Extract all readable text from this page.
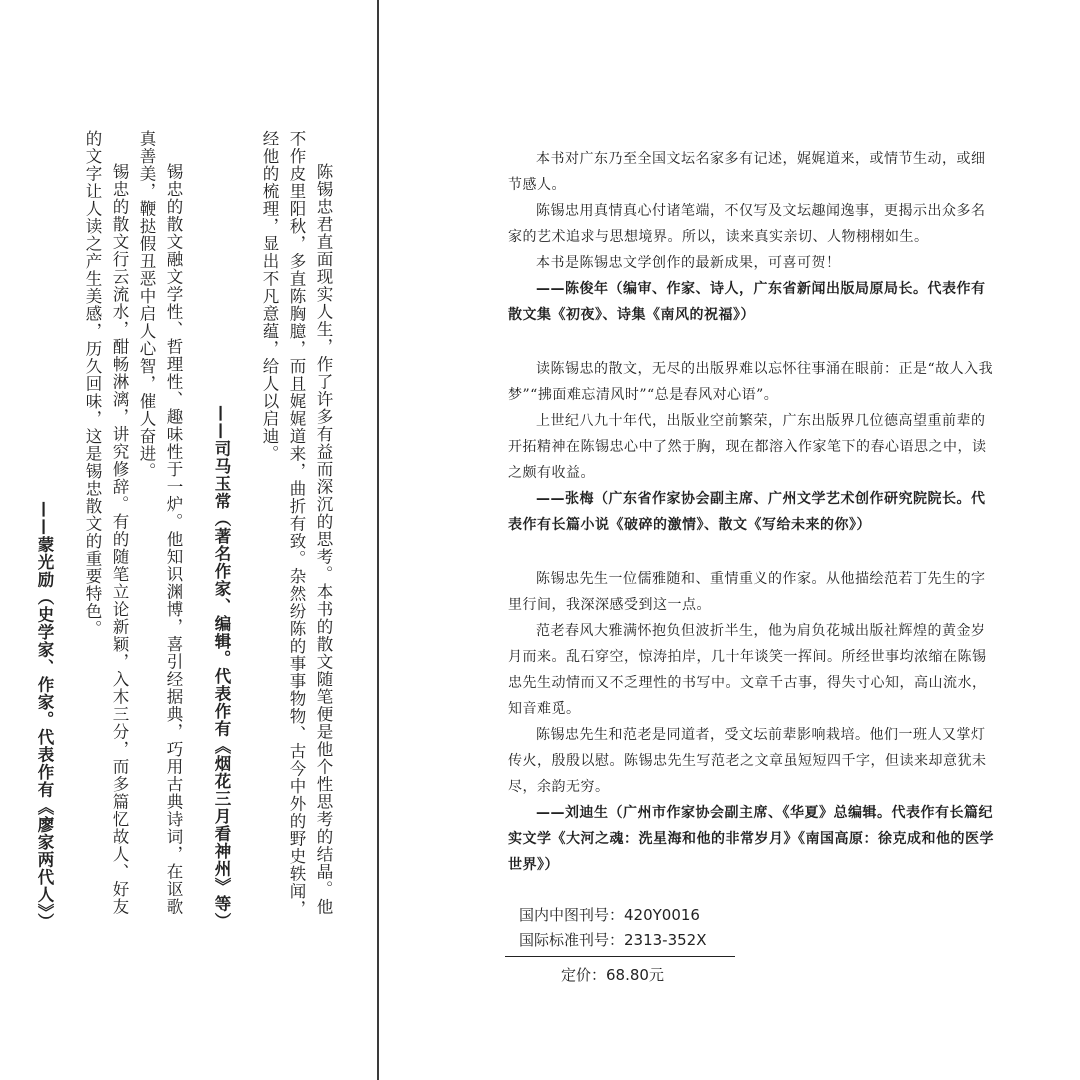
陈锡忠君直面现实人生，作了许多有益而深沉的思考。本书的散文随笔便是他个性思考的结晶。他不作皮里阳秋，多直陈胸臆，而且娓娓道来，曲折有致。杂然纷陈的事事物物、古今中外的野史轶闻，经他的梳理，显出不凡意蕴，给人以启迪。

——司马玉常（著名作家、编辑。代表作有《烟花三月看神州》等）

锡忠的散文融文学性、哲理性、趣味性于一炉。他知识渊博，喜引经据典，巧用古典诗词，在讴歌真善美，鞭挞假丑恶中启人心智，催人奋进。

锡忠的散文行云流水，酣畅淋漓，讲究修辞。有的随笔立论新颖，入木三分，而多篇忆故人、好友的文字让人读之产生美感，历久回味，这是锡忠散文的重要特色。

——蒙光励（史学家、作家。代表作有《廖家两代人》）

本书对广东乃至全国文坛名家多有记述，娓娓道来，或情节生动，或细节感人。

陈锡忠用真情真心付诸笔端，不仅写及文坛趣闻逸事，更揭示出众多名家的艺术追求与思想境界。所以，读来真实亲切、人物栩栩如生。

本书是陈锡忠文学创作的最新成果，可喜可贺！

——陈俊年（编审、作家、诗人，广东省新闻出版局原局长。代表作有散文集《初夜》、诗集《南风的祝福》）

读陈锡忠的散文，无尽的出版界难以忘怀往事涌在眼前：正是“故人入我梦”“拂面难忘清风时”“总是春风对心语”。

上世纪八九十年代，出版业空前繁荣，广东出版界几位德高望重前辈的开拓精神在陈锡忠心中了然于胸，现在都溶入作家笔下的春心语思之中，读之颇有收益。

——张梅（广东省作家协会副主席、广州文学艺术创作研究院院长。代表作有长篇小说《破碎的激情》、散文《写给未来的你》）

陈锡忠先生一位儒雅随和、重情重义的作家。从他描绘范若丁先生的字里行间，我深深感受到这一点。

范老春风大雅满怀抱负但波折半生，他为肩负花城出版社辉煌的黄金岁月而来。乱石穿空，惊涛拍岸，几十年谈笑一挥间。所经世事均浓缩在陈锡忠先生动情而又不乏理性的书写中。文章千古事，得失寸心知，高山流水，知音难觅。

陈锡忠先生和范老是同道者，受文坛前辈影响栽培。他们一班人又掌灯传火，殷殷以慰。陈锡忠先生写范老之文章虽短短四千字，但读来却意犹未尽，余韵无穷。

——刘迪生（广州市作家协会副主席、《华夏》总编辑。代表作有长篇纪实文学《大河之魂：洗星海和他的非常岁月》《南国高原：徐克成和他的医学世界》）

国内中图刊号：420Y0016
国际标准刊号：2313-352X
定价：68.80元
